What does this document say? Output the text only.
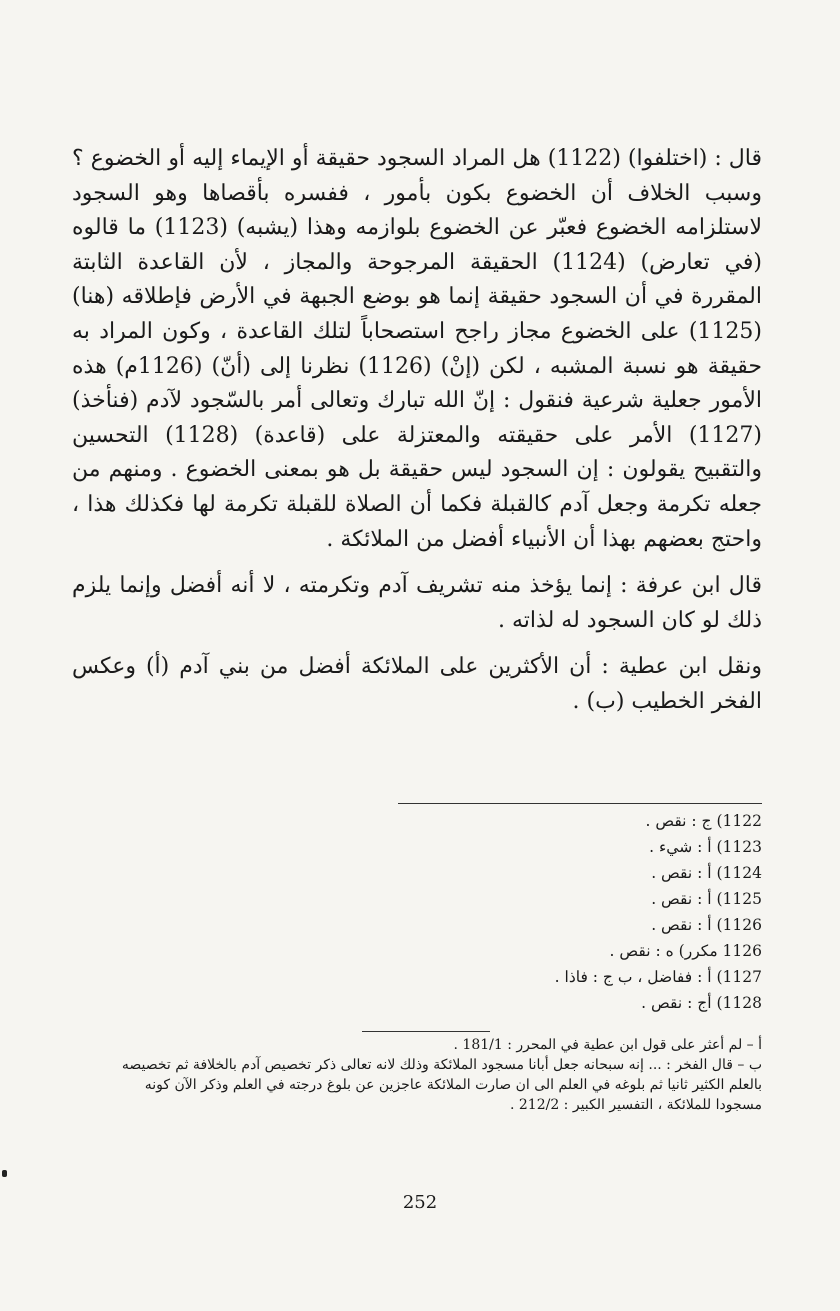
قال : (اختلفوا) (1122) هل المراد السجود حقيقة أو الإيماء إليه أو الخضوع ؟ وسبب الخلاف أن الخضوع بكون بأمور ، ففسره بأقصاها وهو السجود لاستلزامه الخضوع فعبّر عن الخضوع بلوازمه وهذا (يشبه) (1123) ما قالوه (في تعارض) (1124) الحقيقة المرجوحة والمجاز ، لأن القاعدة الثابتة المقررة في أن السجود حقيقة إنما هو بوضع الجبهة في الأرض فإطلاقه (هنا) (1125) على الخضوع مجاز راجح استصحاباً لتلك القاعدة ، وكون المراد به حقيقة هو نسبة المشبه ، لكن (إنْ) (1126) نظرنا إلى (أنّ) (1126م) هذه الأمور جعلية شرعية فنقول : إنّ الله تبارك وتعالى أمر بالسّجود لآدم (فنأخذ) (1127) الأمر على حقيقته والمعتزلة على (قاعدة) (1128) التحسين والتقبيح يقولون : إن السجود ليس حقيقة بل هو بمعنى الخضوع . ومنهم من جعله تكرمة وجعل آدم كالقبلة فكما أن الصلاة للقبلة تكرمة لها فكذلك هذا ، واحتج بعضهم بهذا أن الأنبياء أفضل من الملائكة .

قال ابن عرفة : إنما يؤخذ منه تشريف آدم وتكرمته ، لا أنه أفضل وإنما يلزم ذلك لو كان السجود له لذاته .

ونقل ابن عطية : أن الأكثرين على الملائكة أفضل من بني آدم (أ) وعكس الفخر الخطيب (ب) .

1122) ج : نقص .
1123) أ : شيء .
1124) أ : نقص .
1125) أ : نقص .
1126) أ : نقص .
1126 مكرر) ه : نقص .
1127) أ : ففاضل ، ب ج : فاذا .
1128) أج : نقص .

أ – لم أعثر على قول ابن عطية في المحرر : 181/1 .

ب – قال الفخر : ... إنه سبحانه جعل أبانا مسجود الملائكة وذلك لانه تعالى ذكر تخصيص آدم بالخلافة ثم تخصيصه بالعلم الكثير ثانيا ثم بلوغه في العلم الى ان صارت الملائكة عاجزين عن بلوغ درجته في العلم وذكر الآن كونه مسجودا للملائكة ، التفسير الكبير : 212/2 .

252
